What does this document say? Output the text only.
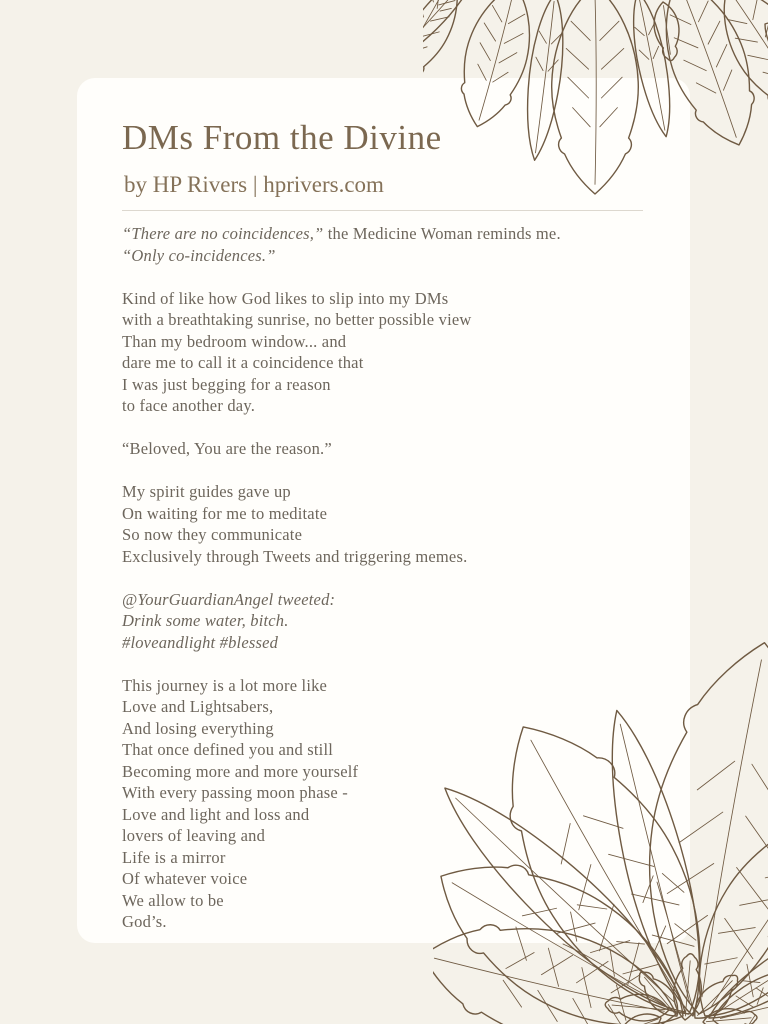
DMs From the Divine
by HP Rivers | hprivers.com
“There are no coincidences,” the Medicine Woman reminds me.
“Only co-incidences.”
Kind of like how God likes to slip into my DMs
with a breathtaking sunrise, no better possible view
Than my bedroom window... and
dare me to call it a coincidence that
I was just begging for a reason
to face another day.
“Beloved, You are the reason.”
My spirit guides gave up
On waiting for me to meditate
So now they communicate
Exclusively through Tweets and triggering memes.
@YourGuardianAngel tweeted:
Drink some water, bitch.
#loveandlight #blessed
This journey is a lot more like
Love and Lightsabers,
And losing everything
That once defined you and still
Becoming more and more yourself
With every passing moon phase -
Love and light and loss and
lovers of leaving and
Life is a mirror
Of whatever voice
We allow to be
God’s.
